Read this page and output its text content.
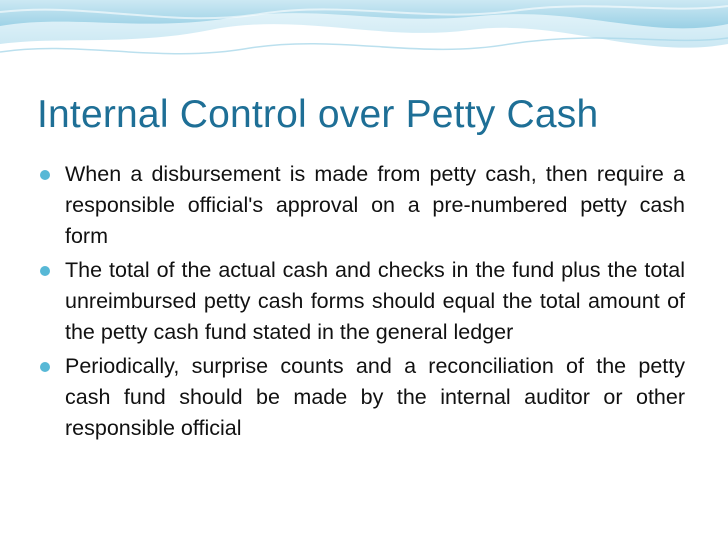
Internal Control over Petty Cash
When a disbursement is made from petty cash, then require a responsible official's approval on a pre-numbered petty cash form
The total of the actual cash and checks in the fund plus the total unreimbursed petty cash forms should equal the total amount of the petty cash fund stated in the general ledger
Periodically, surprise counts and a reconciliation of the petty cash fund should be made by the internal auditor or other responsible official
